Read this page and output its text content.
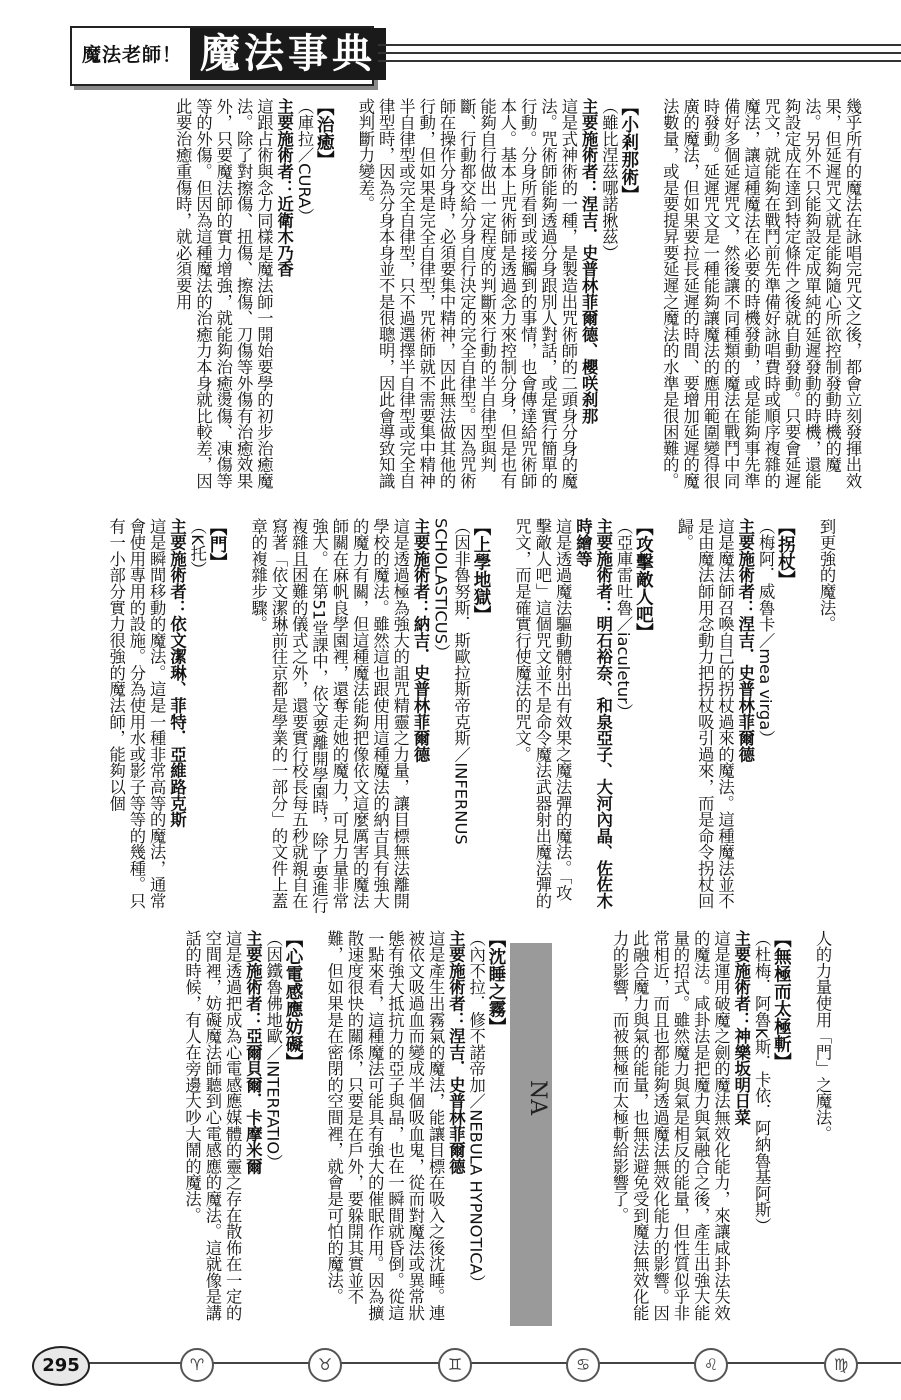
魔法老師！ 魔法事典

幾乎所有的魔法在詠唱完咒文之後，都會立刻發揮出效果，但延遲咒文就是能夠隨心所欲控制發動時機的魔法。另外不只能夠設定成單純的延遲發動的時機，還能夠設定成在達到特定條件之後就自動發動。只要會延遲咒文，就能夠在戰鬥前先準備好詠唱費時或順序複雜的魔法，讓這種魔法在必要的時機發動，或是能夠事先準備好多個延遲咒文，然後讓不同種類的魔法在戰鬥中同時發動。延遲咒文是一種能夠讓魔法的應用範圍變得很廣的魔法，但如果要拉長延遲的時間、要增加延遲的魔法數量，或是要提昇要延遲之魔法的水準是很困難的。

【小剎那術】

（雖比涅茲哪諾揪茲）

主要施術者：涅吉．史普林菲爾德、櫻咲刹那

這是式神術的一種，是製造出咒術師的二頭身分身的魔法。咒術師能夠透過分身跟別人對話，或是實行簡單的行動。分身所看到或接觸到的事情，也會傳達給咒術師本人。基本上咒術師是透過念力來控制分身，但是也有能夠自行做出一定程度的判斷來行動的半自律型與判斷、行動都交給分身自行決定的完全自律型。因為咒術師在操作分身時，必須要集中精神，因此無法做其他的行動，但如果是完全自律型，咒術師就不需要集中精神半自律型或完全自律型，只不過選擇半自律型或完全自律型時，因為分身本身並不是很聰明，因此會導致知識或判斷力變差。

【治癒】

（庫拉／CURA）

主要施術者：近衛木乃香

這跟占術與念力同樣是魔法師一開始要學的初步治癒魔法。除了對擦傷、扭傷、擦傷、刀傷等外傷有治癒效果外，只要魔法師的實力增強，就能夠治癒燙傷、凍傷等等的外傷。但因為這種魔法的治癒力本身就比較差，因此要治癒重傷時，就必須要用

到更強的魔法。

【拐杖】

（梅阿．威魯卡／mea virga）

主要施術者：涅吉．史普林菲爾德

這是魔法師召喚自己的拐杖過來的魔法。這種魔法並不是由魔法師用念動力把拐杖吸引過來，而是命令拐杖回歸。

【攻擊敵人吧】

（亞庫雷吐魯／iaculetur）

主要施術者：明石裕奈、和泉亞子、大河內晶、佐佐木時繪等

這是透過魔法驅動體射出有效果之魔法彈的魔法。「攻擊敵人吧」這個咒文並不是命令魔法武器射出魔法彈的咒文，而是確實行使魔法的咒文。

【上學地獄】

（因非魯努斯．斯歐拉斯帝克斯／INFERNUS SCHOLASTICUS）

主要施術者：納吉．史普林菲爾德

這是透過極為強大的詛咒精靈之力量，讓目標無法離開學校的魔法。雖然這也跟使用這種魔法的納吉具有強大的魔力有關，但這種魔法能夠把像依文這麼厲害的魔法師關在麻帆良學園裡，還奪走她的魔力，可見力量非常強大。在第51堂課中，依文要離開學園時，除了要進行複雜且困難的儀式之外，還要實行校長每五秒就親自在寫著「依文潔琳前往京都是學業的一部分」的文件上蓋章的複雜步驟。

【門】

（K托）

主要施術者：依文潔琳、菲特．亞維路克斯

這是瞬間移動的魔法。這是一種非常高等的魔法，通常會使用專用的設施。分為使用水或影子等等的幾種。只有一小部分實力很強的魔法師，能夠以個

人的力量使用「門」之魔法。

【無極而太極斬】

（杜梅．阿魯K斯．卡依．阿納魯基阿斯）

主要施術者：神樂坂明日菜

這是運用破魔之劍的魔法無效化能力，來讓咸卦法失效的魔法。咸卦法是把魔力與氣融合之後，產生出強大能量的招式。雖然魔力與氣是相反的能量，但性質似乎非常相近，而且也都能夠透過魔法無效化能力的影響。因此融合魔力與氣的能量，也無法避免受到魔法無效化能力的影響，而被無極而太極斬給影響了。

【沈睡之霧】

（內不拉．修不諾帝加／NEBULA HYPNOTICA）

主要施術者：涅吉．史普林菲爾德

這是產生出霧氣的魔法，能讓目標在吸入之後沈睡。連被依文吸過血而變成半個吸血鬼，從而對魔法或異常狀態有強大抵抗力的亞子與晶，也在一瞬間就昏倒。從這一點來看，這種魔法可能具有強大的催眠作用。因為擴散速度很快的關係，只要是在戶外，要躲開其實並不難，但如果是在密閉的空間裡，就會是可怕的魔法。

【心電感應妨礙】

（因鐵魯佛地歐／INTERFATIO）

主要施術者：亞爾貝爾．卡摩米爾

這是透過把成為心電感應媒體的靈之存在散佈在一定的空間裡，妨礙魔法師聽到心電感應的魔法。這就像是講話的時候，有人在旁邊大吵大鬧的魔法。	NA
295	♈	♉	♊	♋	♌	♍
